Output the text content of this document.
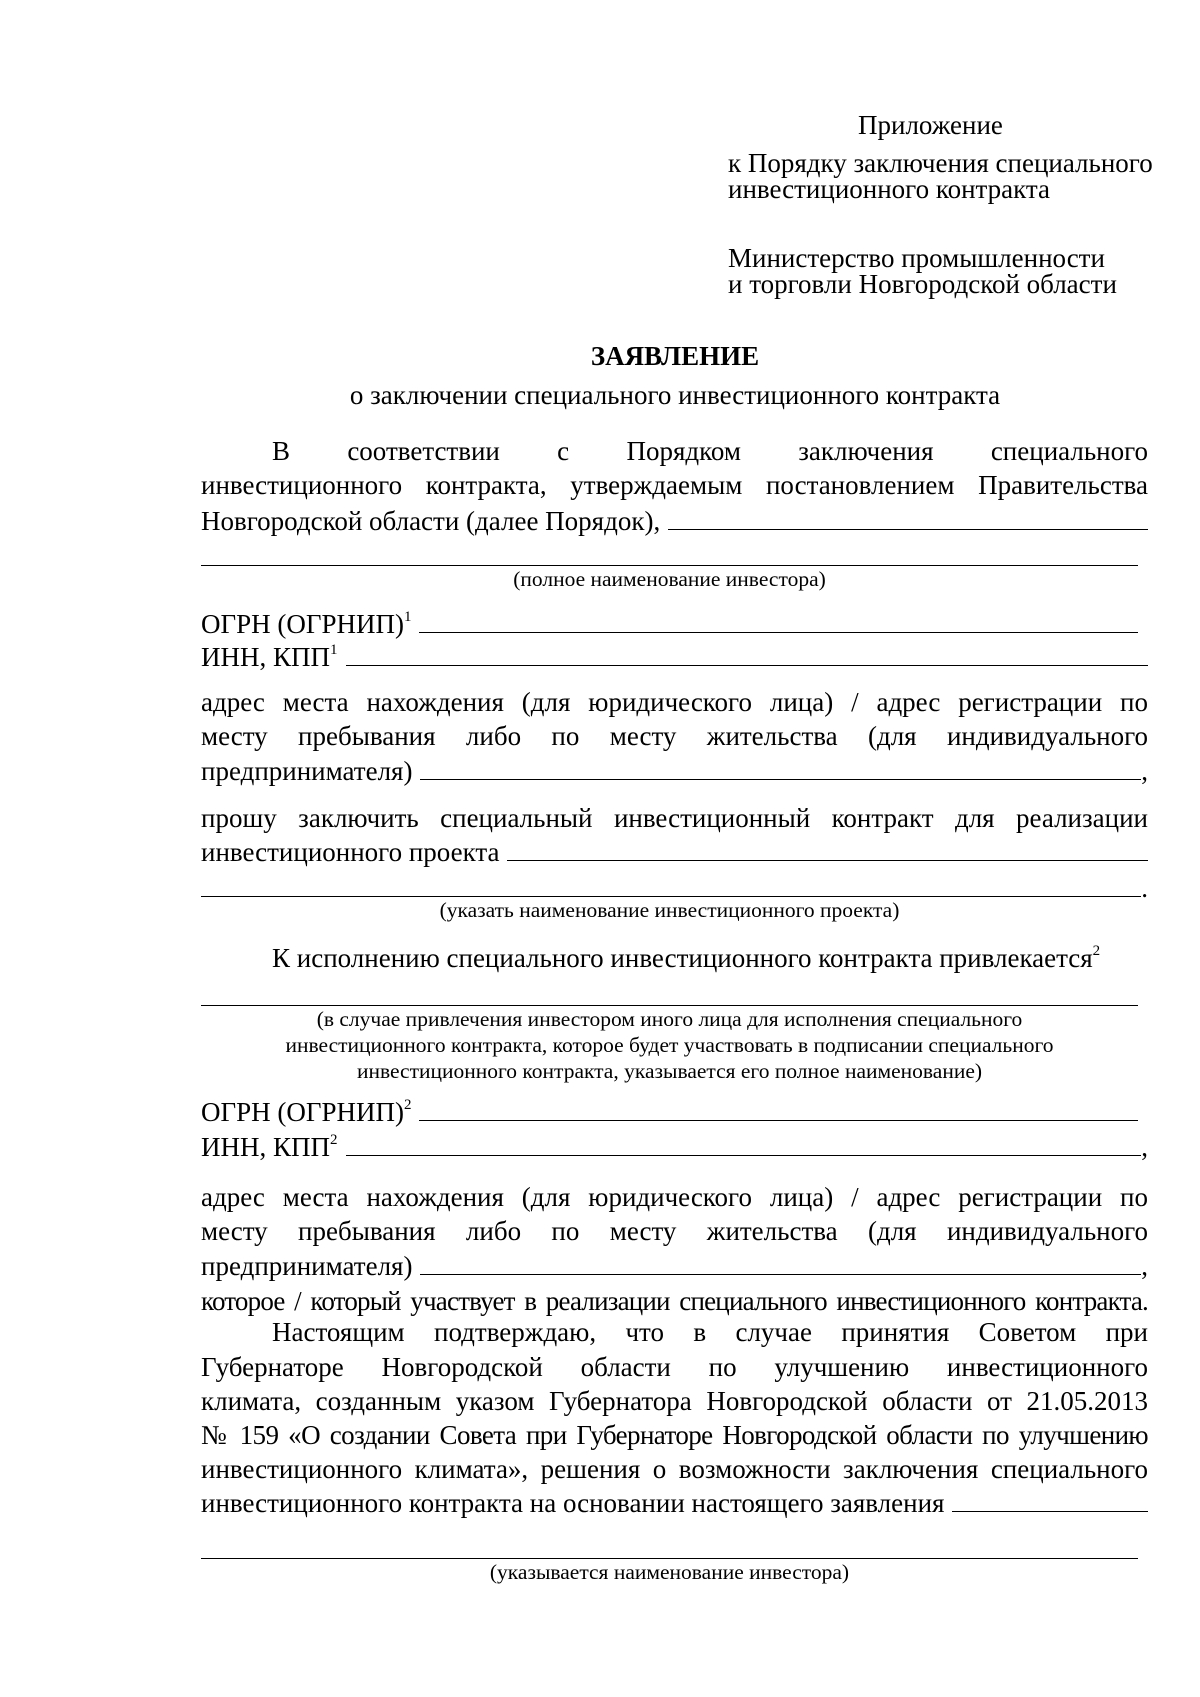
Приложение
к Порядку заключения специального
инвестиционного контракта
Министерство промышленности
и торговли Новгородской области
ЗАЯВЛЕНИЕ
о заключении специального инвестиционного контракта
В соответствии с Порядком заключения специального
инвестиционного контракта, утверждаемым постановлением Правительства
Новгородской области (далее Порядок),
(полное наименование инвестора)
ОГРН (ОГРНИП)$^1$
ИНН, КПП$^1$
адрес места нахождения (для юридического лица) / адрес регистрации по
месту пребывания либо по месту жительства (для индивидуального
предпринимателя)	,
прошу заключить специальный инвестиционный контракт для реализации
инвестиционного проекта
.
(указать наименование инвестиционного проекта)
К исполнению специального инвестиционного контракта привлекается$^2$
(в случае привлечения инвестором иного лица для исполнения специального
инвестиционного контракта, которое будет участвовать в подписании специального
инвестиционного контракта, указывается его полное наименование)
ОГРН (ОГРНИП)$^2$
ИНН, КПП$^2$	,
адрес места нахождения (для юридического лица) / адрес регистрации по
месту пребывания либо по месту жительства (для индивидуального
предпринимателя)	,
которое / который участвует в реализации специального инвестиционного контракта.
Настоящим подтверждаю, что в случае принятия Советом при
Губернаторе Новгородской области по улучшению инвестиционного
климата, созданным указом Губернатора Новгородской области от 21.05.2013
№ 159 «О создании Совета при Губернаторе Новгородской области по улучшению
инвестиционного климата», решения о возможности заключения специального
инвестиционного контракта на основании настоящего заявления
(указывается наименование инвестора)
